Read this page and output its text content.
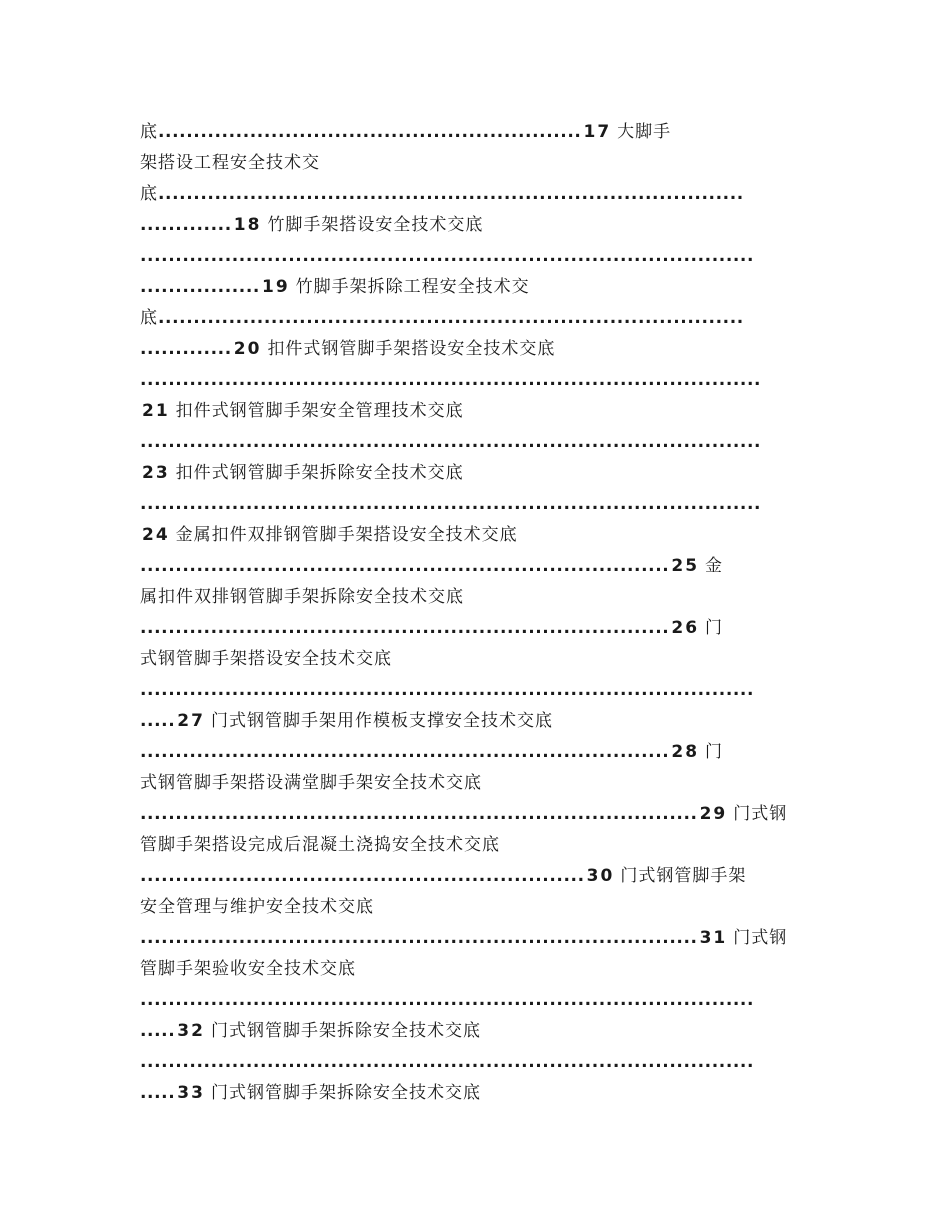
底............................................................ 17 大脚手
架搭设工程安全技术交
底...................................................................................
............. 18 竹脚手架搭设安全技术交底
.......................................................................................
................. 19 竹脚手架拆除工程安全技术交
底...................................................................................
............. 20 扣件式钢管脚手架搭设安全技术交底
........................................................................................
21 扣件式钢管脚手架安全管理技术交底
........................................................................................
23 扣件式钢管脚手架拆除安全技术交底
........................................................................................
24 金属扣件双排钢管脚手架搭设安全技术交底
........................................................................... 25 金
属扣件双排钢管脚手架拆除安全技术交底
........................................................................... 26 门
式钢管脚手架搭设安全技术交底
.......................................................................................
..... 27 门式钢管脚手架用作模板支撑安全技术交底
........................................................................... 28 门
式钢管脚手架搭设满堂脚手架安全技术交底
............................................................................... 29 门式钢
管脚手架搭设完成后混凝土浇捣安全技术交底
............................................................... 30 门式钢管脚手架
安全管理与维护安全技术交底
............................................................................... 31 门式钢
管脚手架验收安全技术交底
.......................................................................................
..... 32 门式钢管脚手架拆除安全技术交底
.......................................................................................
..... 33 门式钢管脚手架拆除安全技术交底
